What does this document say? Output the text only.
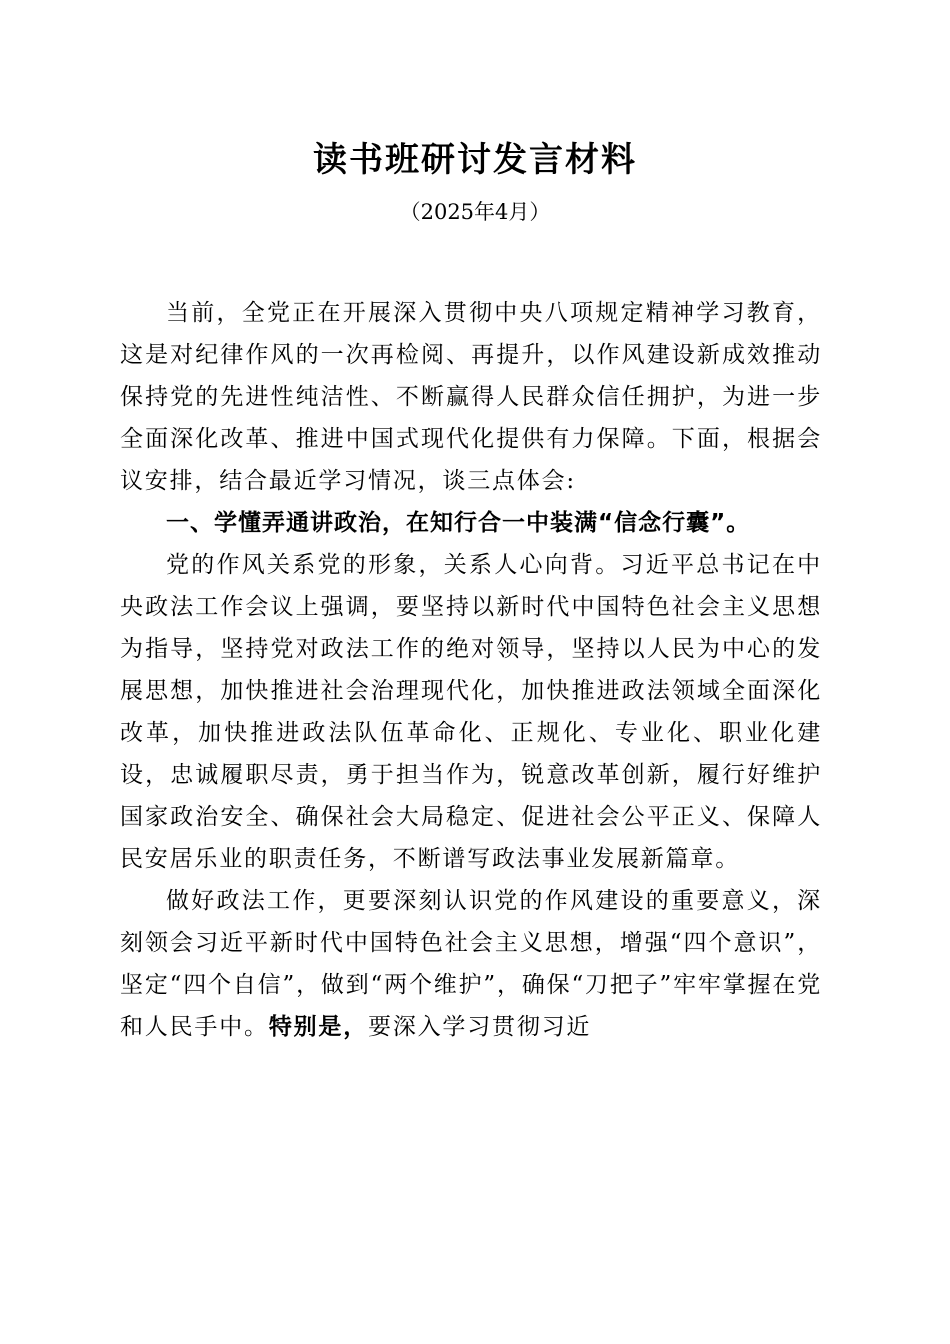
读书班研讨发言材料

（2025年4月）

当前，全党正在开展深入贯彻中央八项规定精神学习教育，这是对纪律作风的一次再检阅、再提升，以作风建设新成效推动保持党的先进性纯洁性、不断赢得人民群众信任拥护，为进一步全面深化改革、推进中国式现代化提供有力保障。下面，根据会议安排，结合最近学习情况，谈三点体会:

一、学懂弄通讲政治，在知行合一中装满“信念行囊”。

党的作风关系党的形象，关系人心向背。习近平总书记在中央政法工作会议上强调，要坚持以新时代中国特色社会主义思想为指导，坚持党对政法工作的绝对领导，坚持以人民为中心的发展思想，加快推进社会治理现代化，加快推进政法领域全面深化改革，加快推进政法队伍革命化、正规化、专业化、职业化建设，忠诚履职尽责，勇于担当作为，锐意改革创新，履行好维护国家政治安全、确保社会大局稳定、促进社会公平正义、保障人民安居乐业的职责任务，不断谱写政法事业发展新篇章。

做好政法工作，更要深刻认识党的作风建设的重要意义，深刻领会习近平新时代中国特色社会主义思想，增强“四个意识”，坚定“四个自信”，做到“两个维护”，确保“刀把子”牢牢掌握在党和人民手中。特别是，要深入学习贯彻习近
